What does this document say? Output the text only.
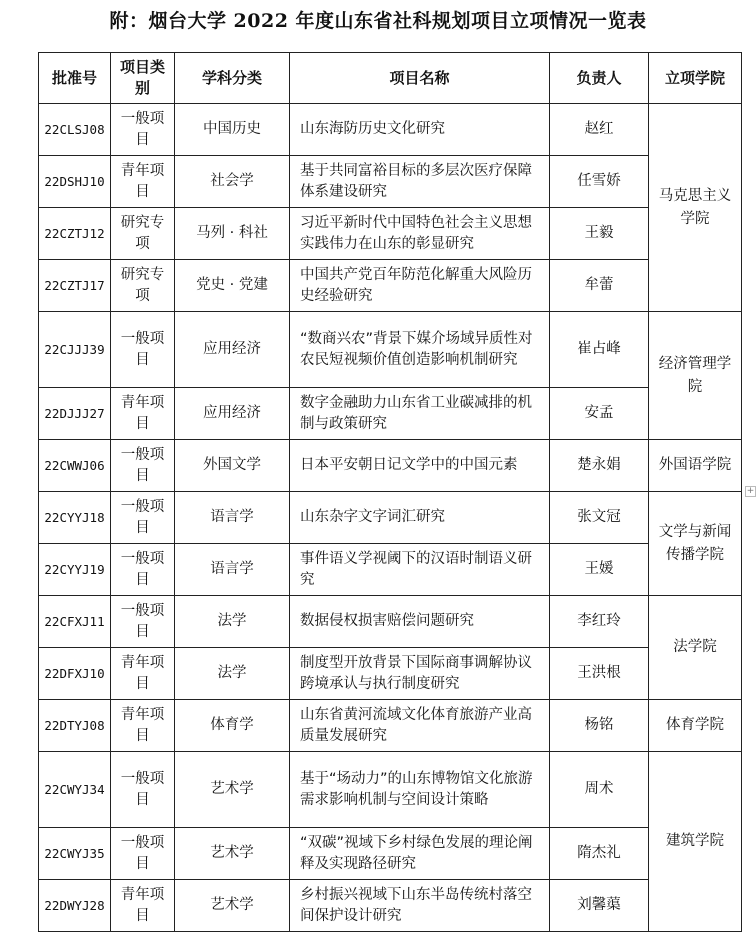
附：烟台大学 2022 年度山东省社科规划项目立项情况一览表
批准号	项目类别	学科分类	项目名称	负责人	立项学院
22CLSJ08	一般项目	中国历史	山东海防历史文化研究	赵红	马克思主义学院
22DSHJ10	青年项目	社会学	基于共同富裕目标的多层次医疗保障体系建设研究	任雪娇	
22CZTJ12	研究专项	马列 · 科社	习近平新时代中国特色社会主义思想实践伟力在山东的彰显研究	王毅	
22CZTJ17	研究专项	党史 · 党建	中国共产党百年防范化解重大风险历史经验研究	牟蕾	
22CJJJ39	一般项目	应用经济	“数商兴农”背景下媒介场域异质性对农民短视频价值创造影响机制研究	崔占峰	经济管理学院
22DJJJ27	青年项目	应用经济	数字金融助力山东省工业碳减排的机制与政策研究	安孟	
22CWWJ06	一般项目	外国文学	日本平安朝日记文学中的中国元素	楚永娟	外国语学院
22CYYJ18	一般项目	语言学	山东杂字文字词汇研究	张文冠	文学与新闻传播学院
22CYYJ19	一般项目	语言学	事件语义学视阈下的汉语时制语义研究	王媛	
22CFXJ11	一般项目	法学	数据侵权损害赔偿问题研究	李红玲	法学院
22DFXJ10	青年项目	法学	制度型开放背景下国际商事调解协议跨境承认与执行制度研究	王洪根	
22DTYJ08	青年项目	体育学	山东省黄河流域文化体育旅游产业高质量发展研究	杨铭	体育学院
22CWYJ34	一般项目	艺术学	基于“场动力”的山东博物馆文化旅游需求影响机制与空间设计策略	周术	建筑学院
22CWYJ35	一般项目	艺术学	“双碳”视域下乡村绿色发展的理论阐释及实现路径研究	隋杰礼	
22DWYJ28	青年项目	艺术学	乡村振兴视域下山东半岛传统村落空间保护设计研究	刘馨蕖	
+
